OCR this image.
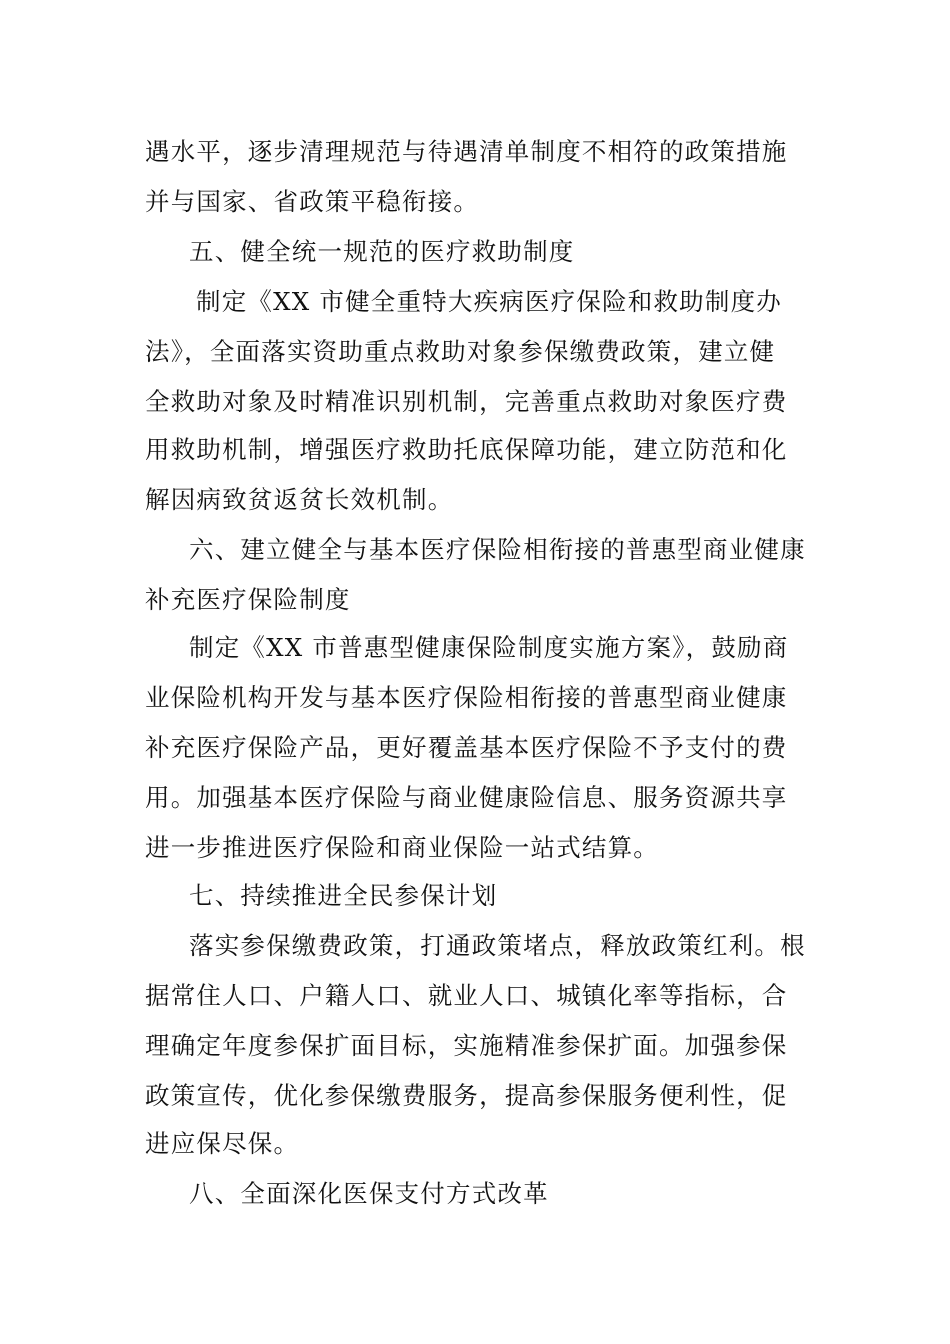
遇水平，逐步清理规范与待遇清单制度不相符的政策措施
并与国家、省政策平稳衔接。
五、健全统一规范的医疗救助制度
制定《XX 市健全重特大疾病医疗保险和救助制度办
法》，全面落实资助重点救助对象参保缴费政策，建立健
全救助对象及时精准识别机制，完善重点救助对象医疗费
用救助机制，增强医疗救助托底保障功能，建立防范和化
解因病致贫返贫长效机制。
六、建立健全与基本医疗保险相衔接的普惠型商业健康
补充医疗保险制度
制定《XX 市普惠型健康保险制度实施方案》，鼓励商
业保险机构开发与基本医疗保险相衔接的普惠型商业健康
补充医疗保险产品，更好覆盖基本医疗保险不予支付的费
用。加强基本医疗保险与商业健康险信息、服务资源共享
进一步推进医疗保险和商业保险一站式结算。
七、持续推进全民参保计划
落实参保缴费政策，打通政策堵点，释放政策红利。根
据常住人口、户籍人口、就业人口、城镇化率等指标，合
理确定年度参保扩面目标，实施精准参保扩面。加强参保
政策宣传，优化参保缴费服务，提高参保服务便利性，促
进应保尽保。
八、全面深化医保支付方式改革
